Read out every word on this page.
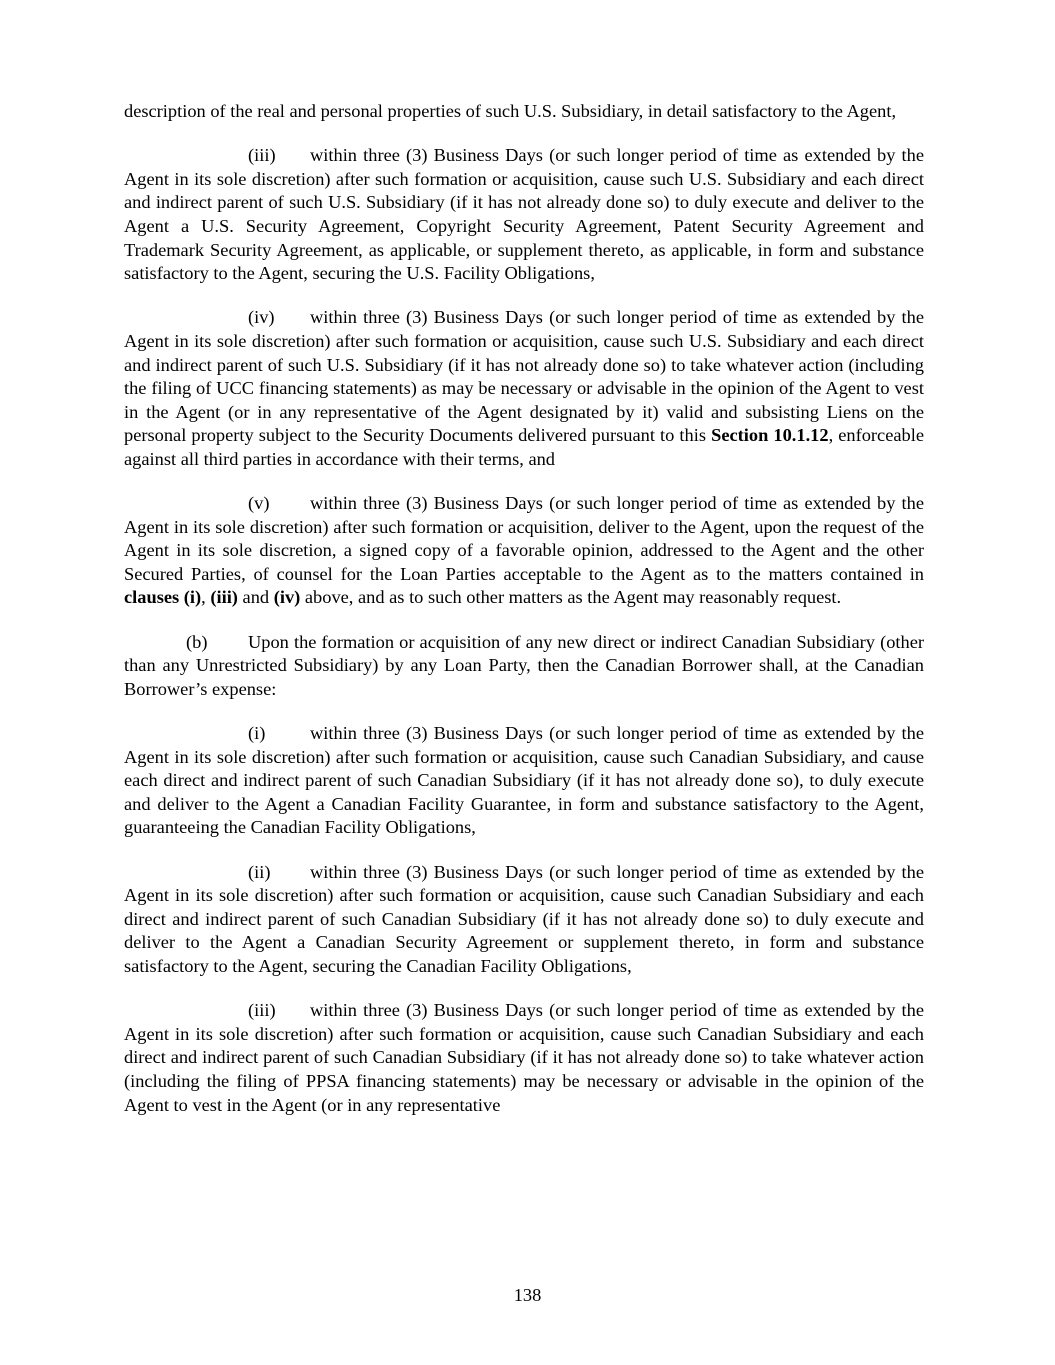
description of the real and personal properties of such U.S. Subsidiary, in detail satisfactory to the Agent,

(iii) within three (3) Business Days (or such longer period of time as extended by the Agent in its sole discretion) after such formation or acquisition, cause such U.S. Subsidiary and each direct and indirect parent of such U.S. Subsidiary (if it has not already done so) to duly execute and deliver to the Agent a U.S. Security Agreement, Copyright Security Agreement, Patent Security Agreement and Trademark Security Agreement, as applicable, or supplement thereto, as applicable, in form and substance satisfactory to the Agent, securing the U.S. Facility Obligations,

(iv) within three (3) Business Days (or such longer period of time as extended by the Agent in its sole discretion) after such formation or acquisition, cause such U.S. Subsidiary and each direct and indirect parent of such U.S. Subsidiary (if it has not already done so) to take whatever action (including the filing of UCC financing statements) as may be necessary or advisable in the opinion of the Agent to vest in the Agent (or in any representative of the Agent designated by it) valid and subsisting Liens on the personal property subject to the Security Documents delivered pursuant to this Section 10.1.12, enforceable against all third parties in accordance with their terms, and

(v) within three (3) Business Days (or such longer period of time as extended by the Agent in its sole discretion) after such formation or acquisition, deliver to the Agent, upon the request of the Agent in its sole discretion, a signed copy of a favorable opinion, addressed to the Agent and the other Secured Parties, of counsel for the Loan Parties acceptable to the Agent as to the matters contained in clauses (i), (iii) and (iv) above, and as to such other matters as the Agent may reasonably request.

(b) Upon the formation or acquisition of any new direct or indirect Canadian Subsidiary (other than any Unrestricted Subsidiary) by any Loan Party, then the Canadian Borrower shall, at the Canadian Borrower’s expense:

(i) within three (3) Business Days (or such longer period of time as extended by the Agent in its sole discretion) after such formation or acquisition, cause such Canadian Subsidiary, and cause each direct and indirect parent of such Canadian Subsidiary (if it has not already done so), to duly execute and deliver to the Agent a Canadian Facility Guarantee, in form and substance satisfactory to the Agent, guaranteeing the Canadian Facility Obligations,

(ii) within three (3) Business Days (or such longer period of time as extended by the Agent in its sole discretion) after such formation or acquisition, cause such Canadian Subsidiary and each direct and indirect parent of such Canadian Subsidiary (if it has not already done so) to duly execute and deliver to the Agent a Canadian Security Agreement or supplement thereto, in form and substance satisfactory to the Agent, securing the Canadian Facility Obligations,

(iii) within three (3) Business Days (or such longer period of time as extended by the Agent in its sole discretion) after such formation or acquisition, cause such Canadian Subsidiary and each direct and indirect parent of such Canadian Subsidiary (if it has not already done so) to take whatever action (including the filing of PPSA financing statements) may be necessary or advisable in the opinion of the Agent to vest in the Agent (or in any representative

138
